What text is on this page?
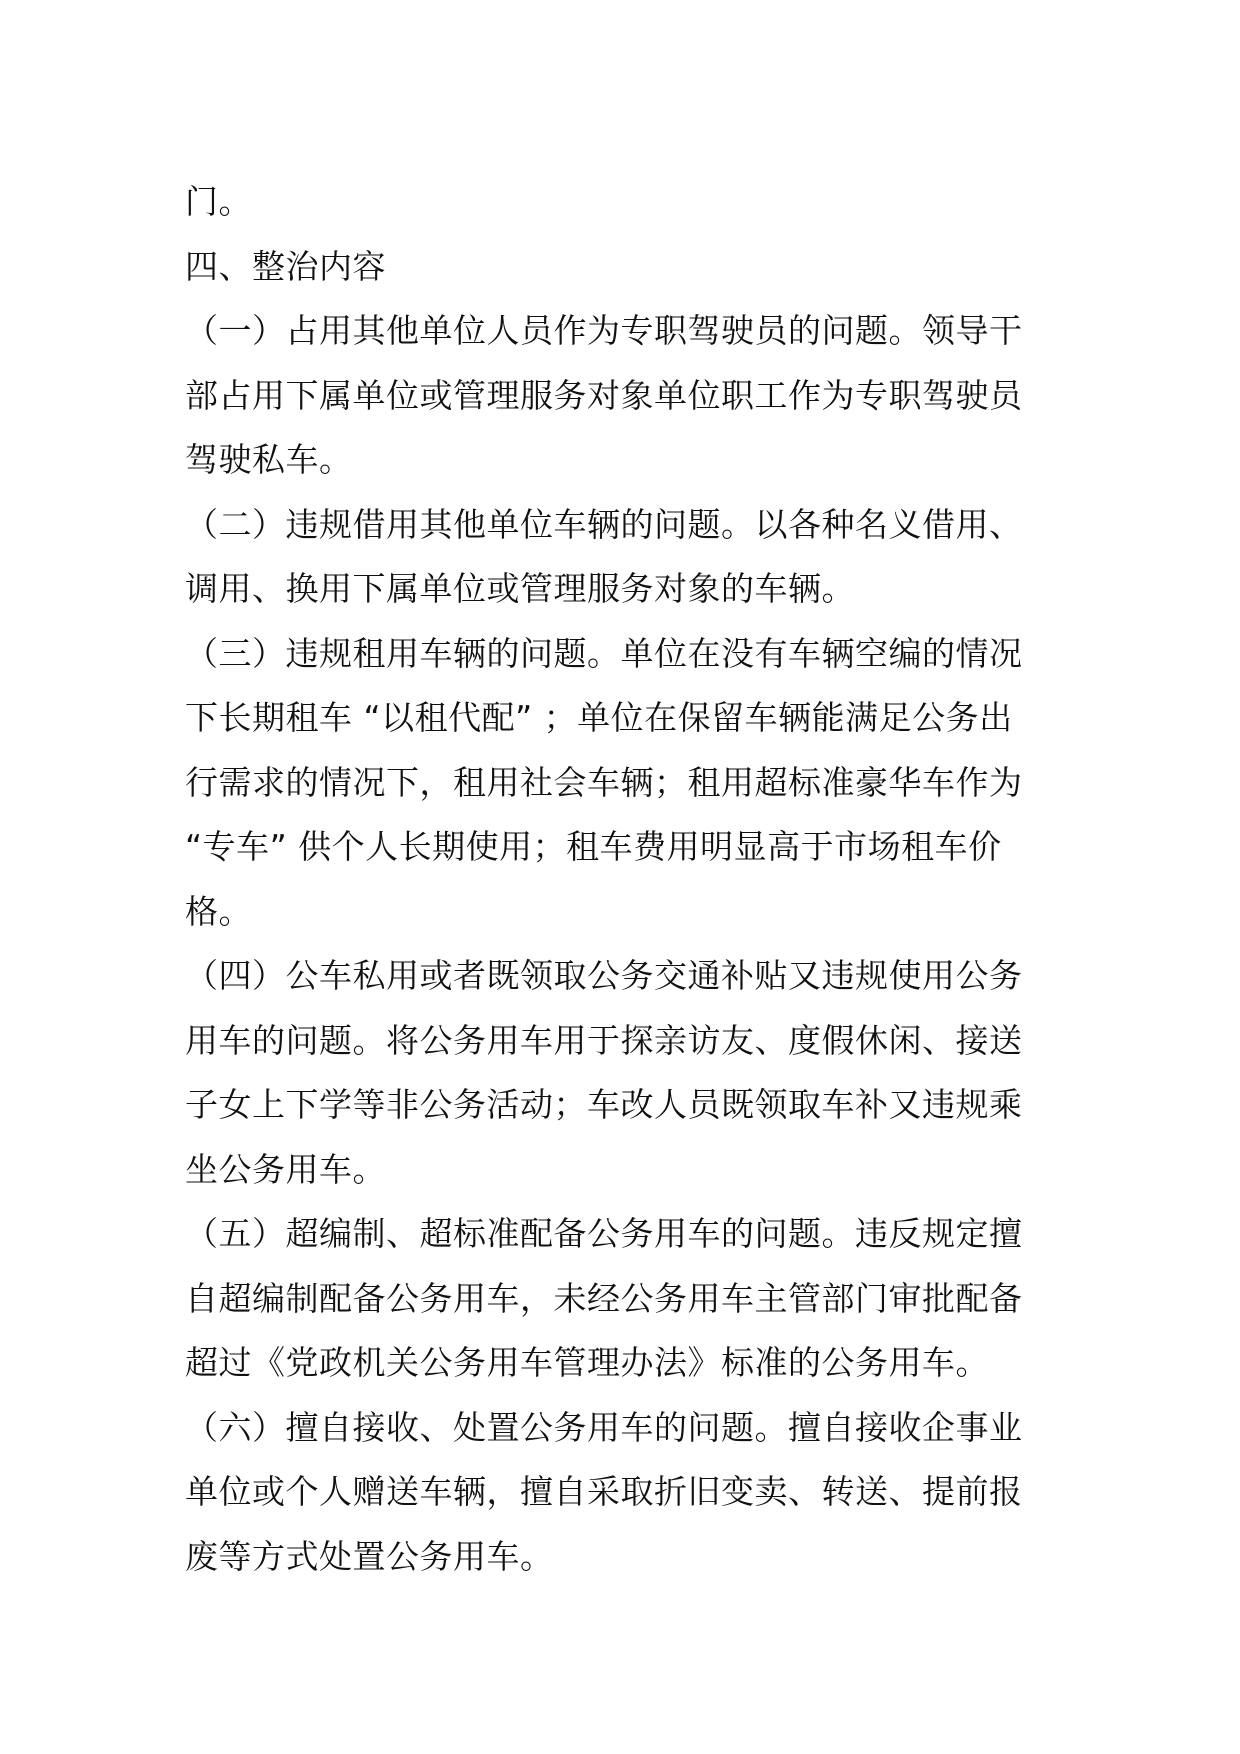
门。
四、整治内容
（一）占用其他单位人员作为专职驾驶员的问题。领导干
部占用下属单位或管理服务对象单位职工作为专职驾驶员
驾驶私车。
（二）违规借用其他单位车辆的问题。以各种名义借用、
调用、换用下属单位或管理服务对象的车辆。
（三）违规租用车辆的问题。单位在没有车辆空编的情况
下长期租车 “以租代配” ；单位在保留车辆能满足公务出
行需求的情况下，租用社会车辆；租用超标准豪华车作为
“专车” 供个人长期使用；租车费用明显高于市场租车价
格。
（四）公车私用或者既领取公务交通补贴又违规使用公务
用车的问题。将公务用车用于探亲访友、度假休闲、接送
子女上下学等非公务活动；车改人员既领取车补又违规乘
坐公务用车。
（五）超编制、超标准配备公务用车的问题。违反规定擅
自超编制配备公务用车，未经公务用车主管部门审批配备
超过《党政机关公务用车管理办法》标准的公务用车。
（六）擅自接收、处置公务用车的问题。擅自接收企事业
单位或个人赠送车辆，擅自采取折旧变卖、转送、提前报
废等方式处置公务用车。
